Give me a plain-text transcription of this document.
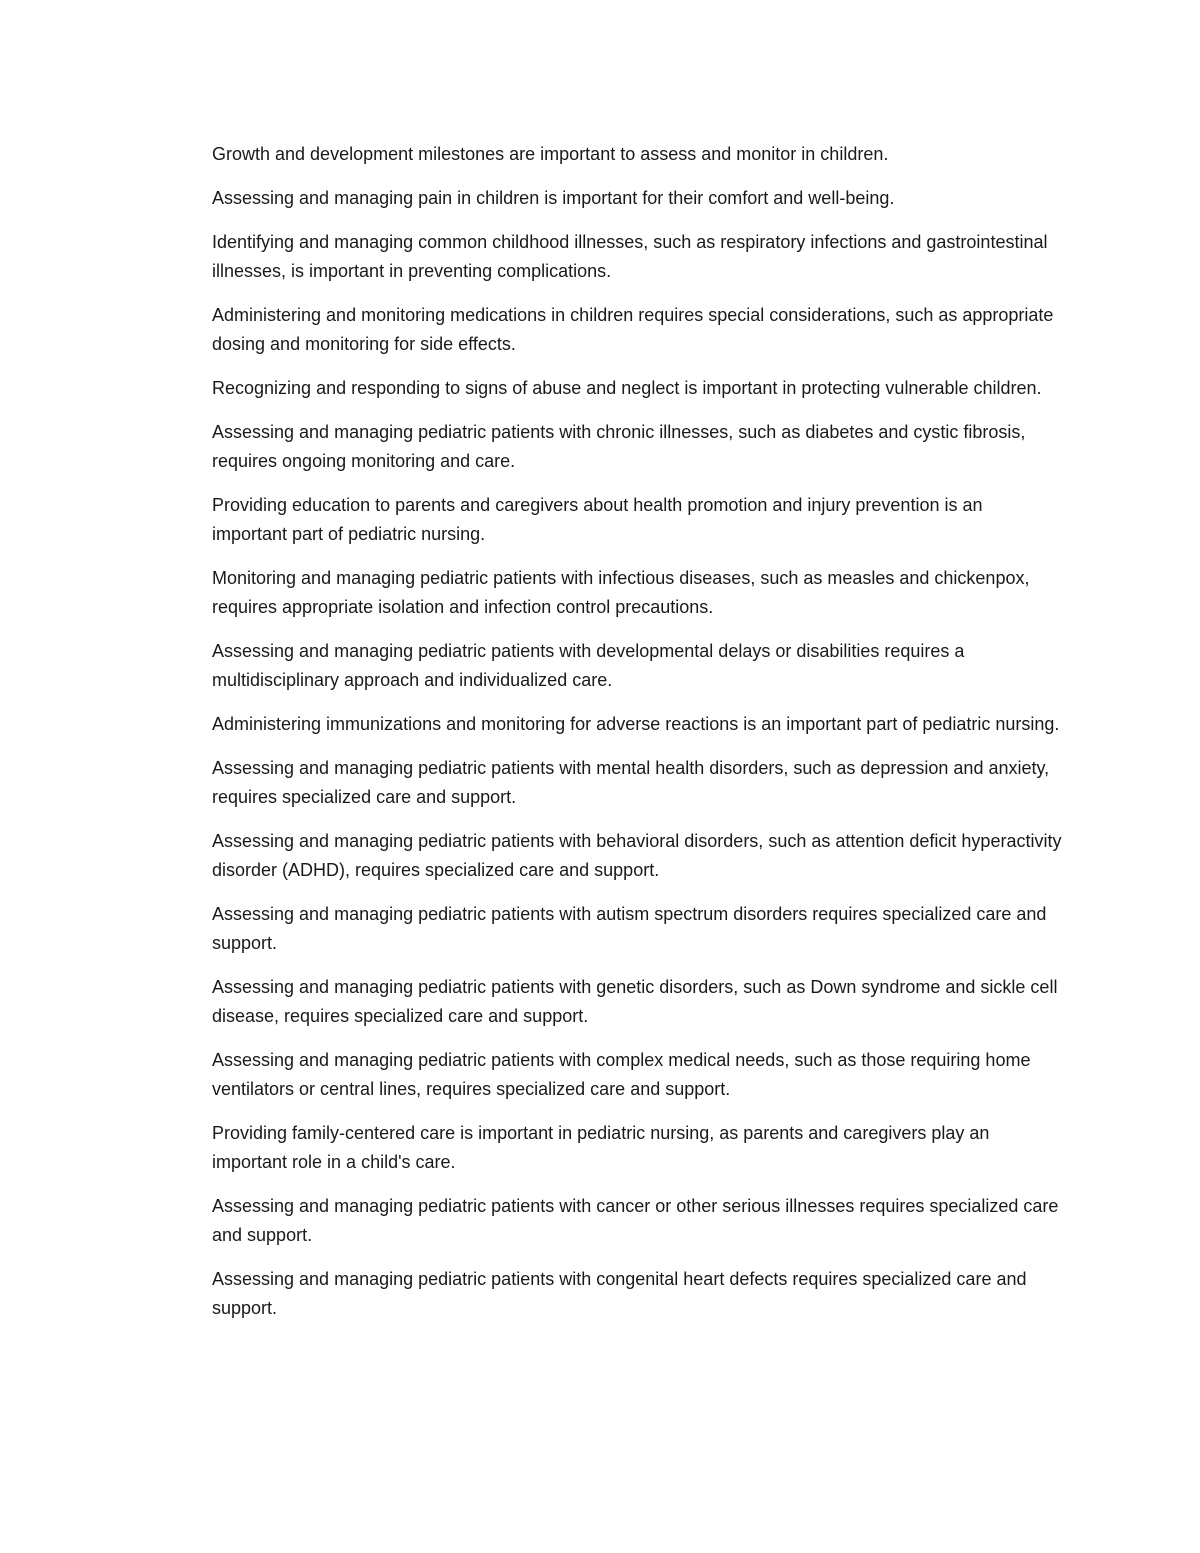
Growth and development milestones are important to assess and monitor in children.

Assessing and managing pain in children is important for their comfort and well-being.

Identifying and managing common childhood illnesses, such as respiratory infections and gastrointestinal illnesses, is important in preventing complications.

Administering and monitoring medications in children requires special considerations, such as appropriate dosing and monitoring for side effects.

Recognizing and responding to signs of abuse and neglect is important in protecting vulnerable children.

Assessing and managing pediatric patients with chronic illnesses, such as diabetes and cystic fibrosis, requires ongoing monitoring and care.

Providing education to parents and caregivers about health promotion and injury prevention is an important part of pediatric nursing.

Monitoring and managing pediatric patients with infectious diseases, such as measles and chickenpox, requires appropriate isolation and infection control precautions.

Assessing and managing pediatric patients with developmental delays or disabilities requires a multidisciplinary approach and individualized care.

Administering immunizations and monitoring for adverse reactions is an important part of pediatric nursing.

Assessing and managing pediatric patients with mental health disorders, such as depression and anxiety, requires specialized care and support.

Assessing and managing pediatric patients with behavioral disorders, such as attention deficit hyperactivity disorder (ADHD), requires specialized care and support.

Assessing and managing pediatric patients with autism spectrum disorders requires specialized care and support.

Assessing and managing pediatric patients with genetic disorders, such as Down syndrome and sickle cell disease, requires specialized care and support.

Assessing and managing pediatric patients with complex medical needs, such as those requiring home ventilators or central lines, requires specialized care and support.

Providing family-centered care is important in pediatric nursing, as parents and caregivers play an important role in a child's care.

Assessing and managing pediatric patients with cancer or other serious illnesses requires specialized care and support.

Assessing and managing pediatric patients with congenital heart defects requires specialized care and support.
